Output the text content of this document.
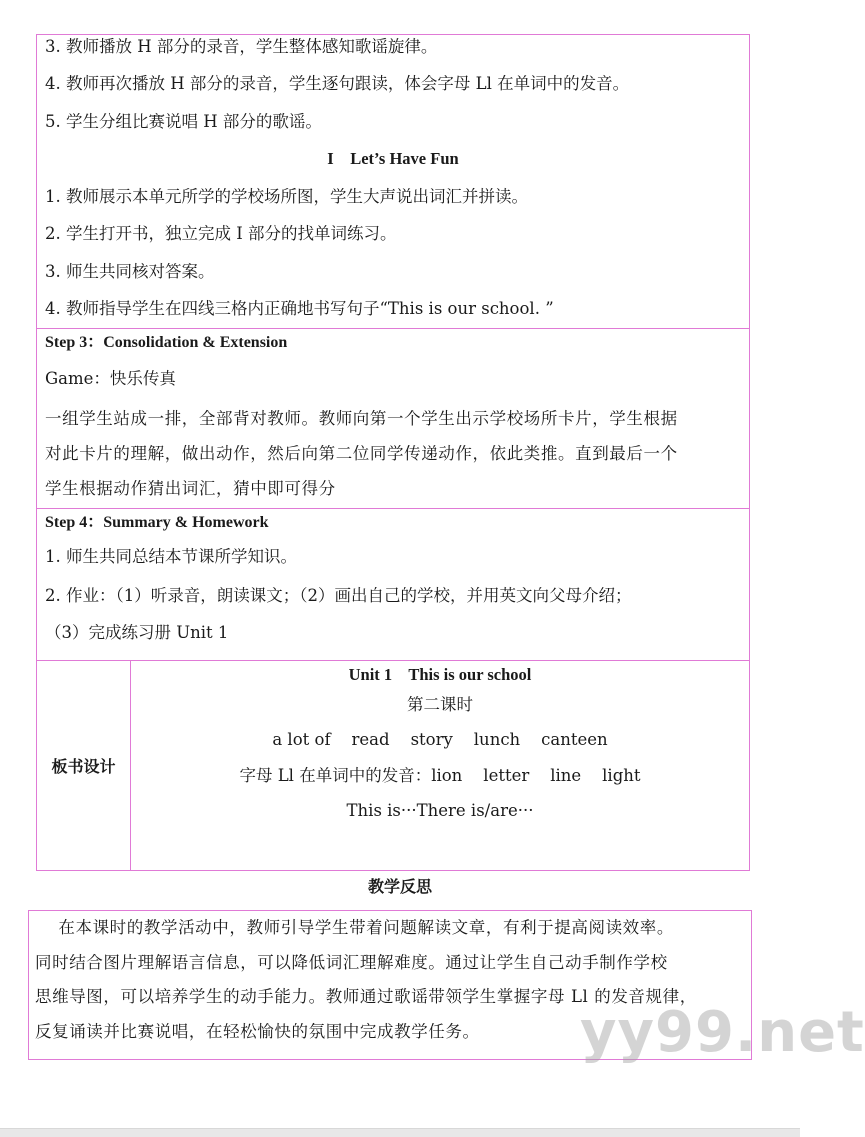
3. 教师播放 H 部分的录音，学生整体感知歌谣旋律。
4. 教师再次播放 H 部分的录音，学生逐句跟读，体会字母 Ll 在单词中的发音。
5. 学生分组比赛说唱 H 部分的歌谣。
I    Let’s Have Fun
1. 教师展示本单元所学的学校场所图，学生大声说出词汇并拼读。
2. 学生打开书，独立完成 I 部分的找单词练习。
3. 师生共同核对答案。
4. 教师指导学生在四线三格内正确地书写句子“This is our school. ”
Step 3：Consolidation & Extension
Game：快乐传真
一组学生站成一排，全部背对教师。教师向第一个学生出示学校场所卡片，学生根据
对此卡片的理解，做出动作，然后向第二位同学传递动作，依此类推。直到最后一个
学生根据动作猜出词汇，猜中即可得分
Step 4：Summary & Homework
1. 师生共同总结本节课所学知识。
2. 作业：（1）听录音，朗读课文；（2）画出自己的学校，并用英文向父母介绍；
（3）完成练习册 Unit 1
板书设计
Unit 1    This is our school
第二课时
a lot of    read    story    lunch    canteen
字母 Ll 在单词中的发音：lion    letter    line    light
This is···There is/are···
教学反思
在本课时的教学活动中，教师引导学生带着问题解读文章，有利于提高阅读效率。
同时结合图片理解语言信息，可以降低词汇理解难度。通过让学生自己动手制作学校
思维导图，可以培养学生的动手能力。教师通过歌谣带领学生掌握字母 Ll 的发音规律，
反复诵读并比赛说唱，在轻松愉快的氛围中完成教学任务。	yy99.net
